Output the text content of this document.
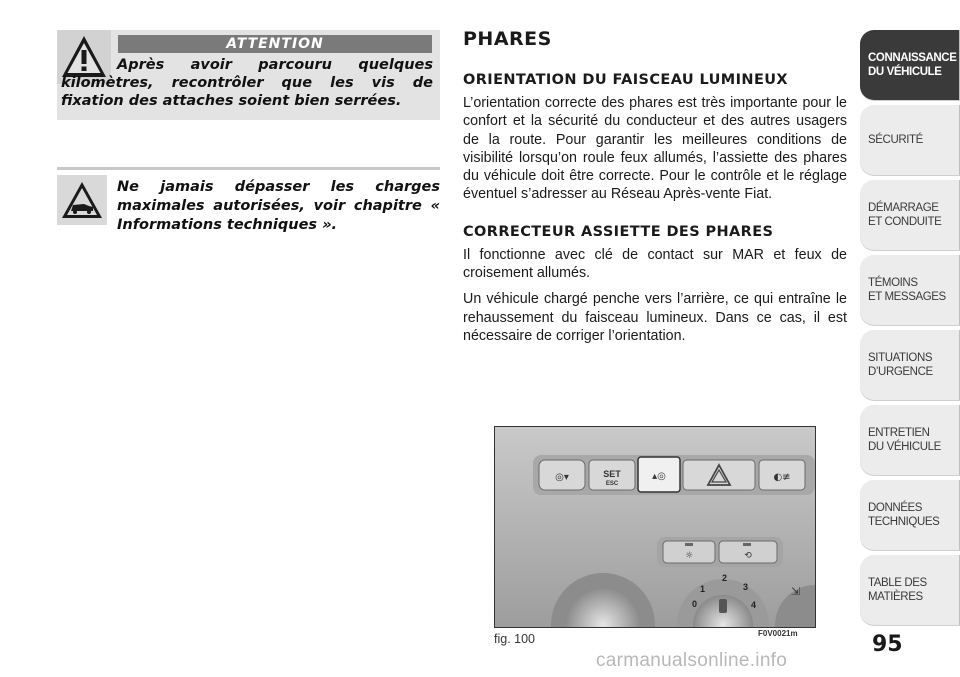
ATTENTION
Après avoir parcouru quelques kilomètres, recontrôler que les vis de fixation des attaches soient bien serrées.
Ne jamais dépasser les charges maximales autorisées, voir chapitre « Informations techniques ».
PHARES
ORIENTATION DU FAISCEAU LUMINEUX

L’orientation correcte des phares est très importante pour le confort et la sécurité du conducteur et des autres usagers de la route. Pour garantir les meilleures conditions de visibilité lorsqu’on roule feux allumés, l’assiette des phares du véhicule doit être correcte. Pour le contrôle et le réglage éventuel s’adresser au Réseau Après-vente Fiat.

CORRECTEUR ASSIETTE DES PHARES

Il fonctionne avec clé de contact sur MAR et feux de croisement allumés.

Un véhicule chargé penche vers l’arrière, ce qui entraîne le rehaussement du faisceau lumineux. Dans ce cas, il est nécessaire de corriger l’orientation.

◎▾	SET
ESC
▴◎	◐≢
☼	⟲
0
1
2
3
4
⇲
fig. 100	F0V0021m
CONNAISSANCE
DU VÉHICULE
SÉCURITÉ
DÉMARRAGE
ET CONDUITE
TÉMOINS
ET MESSAGES
SITUATIONS
D’URGENCE
ENTRETIEN
DU VÉHICULE
DONNÉES
TECHNIQUES
TABLE DES
MATIÈRES
95
carmanualsonline.info
